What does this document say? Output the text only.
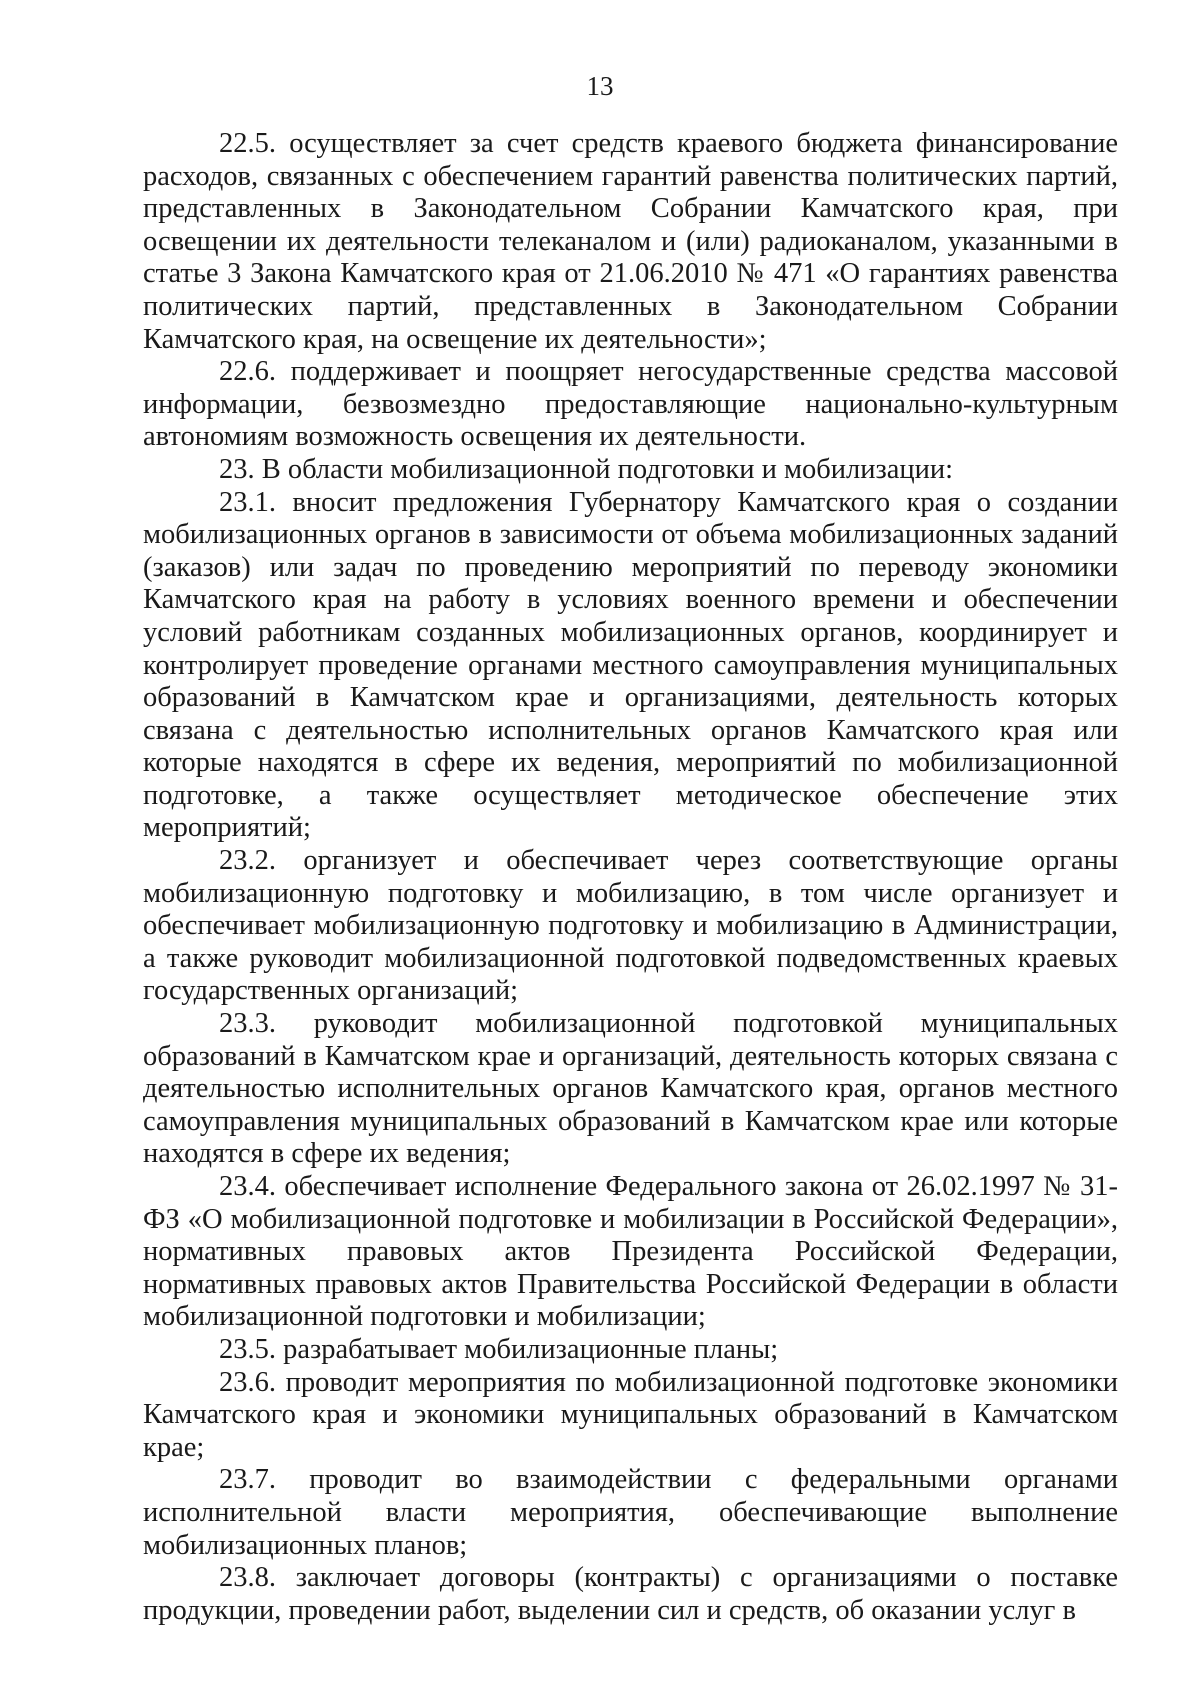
13

22.5. осуществляет за счет средств краевого бюджета финансирование расходов, связанных с обеспечением гарантий равенства политических партий, представленных в Законодательном Собрании Камчатского края, при освещении их деятельности телеканалом и (или) радиоканалом, указанными в статье 3 Закона Камчатского края от 21.06.2010 № 471 «О гарантиях равенства политических партий, представленных в Законодательном Собрании Камчатского края, на освещение их деятельности»;

22.6. поддерживает и поощряет негосударственные средства массовой информации, безвозмездно предоставляющие национально-культурным автономиям возможность освещения их деятельности.

23. В области мобилизационной подготовки и мобилизации:

23.1. вносит предложения Губернатору Камчатского края о создании мобилизационных органов в зависимости от объема мобилизационных заданий (заказов) или задач по проведению мероприятий по переводу экономики Камчатского края на работу в условиях военного времени и обеспечении условий работникам созданных мобилизационных органов, координирует и контролирует проведение органами местного самоуправления муниципальных образований в Камчатском крае и организациями, деятельность которых связана с деятельностью исполнительных органов Камчатского края или которые находятся в сфере их ведения, мероприятий по мобилизационной подготовке, а также осуществляет методическое обеспечение этих мероприятий;

23.2. организует и обеспечивает через соответствующие органы мобилизационную подготовку и мобилизацию, в том числе организует и обеспечивает мобилизационную подготовку и мобилизацию в Администрации, а также руководит мобилизационной подготовкой подведомственных краевых государственных организаций;

23.3. руководит мобилизационной подготовкой муниципальных образований в Камчатском крае и организаций, деятельность которых связана с деятельностью исполнительных органов Камчатского края, органов местного самоуправления муниципальных образований в Камчатском крае или которые находятся в сфере их ведения;

23.4. обеспечивает исполнение Федерального закона от 26.02.1997 № 31-ФЗ «О мобилизационной подготовке и мобилизации в Российской Федерации», нормативных правовых актов Президента Российской Федерации, нормативных правовых актов Правительства Российской Федерации в области мобилизационной подготовки и мобилизации;

23.5. разрабатывает мобилизационные планы;

23.6. проводит мероприятия по мобилизационной подготовке экономики Камчатского края и экономики муниципальных образований в Камчатском крае;

23.7. проводит во взаимодействии с федеральными органами исполнительной власти мероприятия, обеспечивающие выполнение мобилизационных планов;

23.8. заключает договоры (контракты) с организациями о поставке продукции, проведении работ, выделении сил и средств, об оказании услуг в
